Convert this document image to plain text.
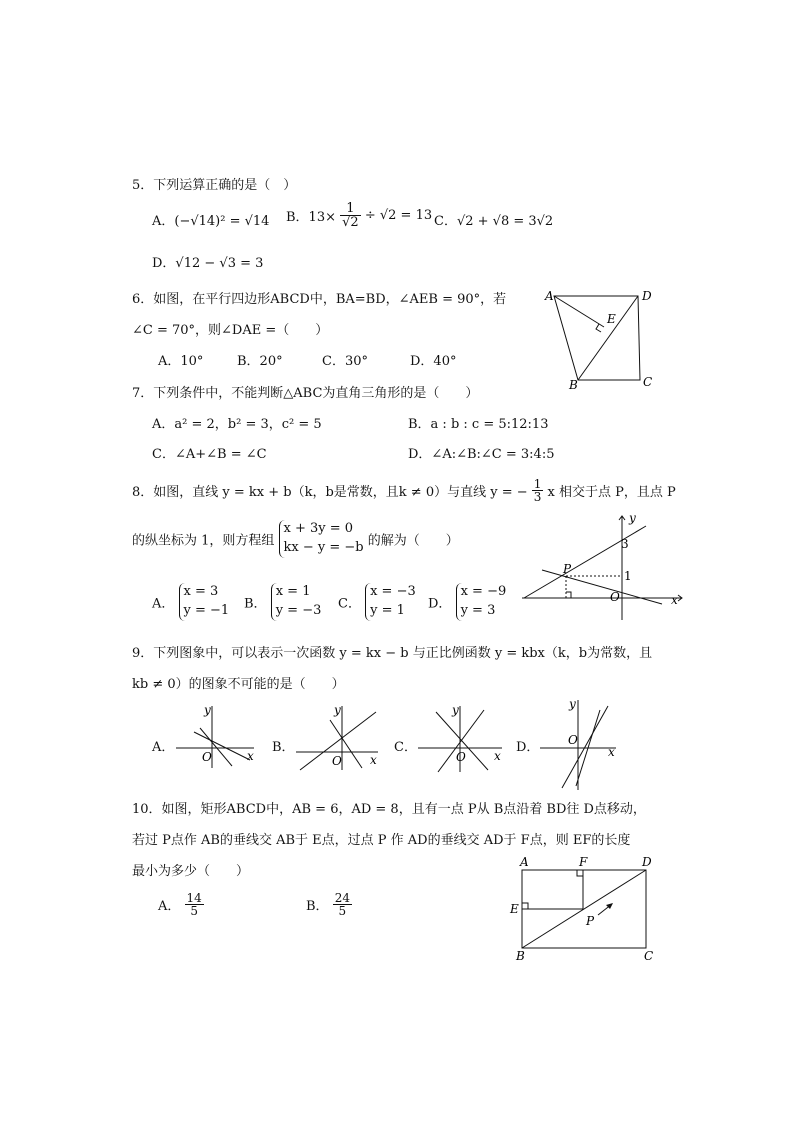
5．下列运算正确的是（　）
A．(−√14)² = √14 B．$13\times \frac{1}{√2} \div √2 = 13$ C．√2 + √8 = 3√2
D．√12 − √3 = 3
6．如图，在平行四边形ABCD中，BA=BD，∠AEB = 90°，若
∠C = 70°，则∠DAE =（　　）
A．10°	B．20°	C．30°	D．40°
A	D
E
B	C
7．下列条件中，不能判断△ABC为直角三角形的是（　　）
A．a² = 2，b² = 3，c² = 5	B．a : b : c = 5:12:13
C．∠A+∠B = ∠C	D．∠A:∠B:∠C = 3:4:5
8．如图，直线 y = kx + b（k，b是常数，且k ≠ 0）与直线 y = − $\frac{1}{3}$ x 相交于点 P，且点 P
的纵坐标为 1，则方程组
x + 3y = 0
kx − y = −b 的解为（　　）
A．
x = 3
y = −1 B．
x = 1
y = −3 C．
x = −3
y = 1	D．
x = −9
y = 3
y
x
3
1
P
O
9．下列图象中，可以表示一次函数 y = kx − b 与正比例函数 y = kbx（k，b为常数，且
kb ≠ 0）的图象不可能的是（　　）
A．
y
x
O
B．
y
x
O
C．
y
x
O
D．
y
x
O
10．如图，矩形ABCD中，AB = 6，AD = 8，且有一点 P从 B点沿着 BD往 D点移动，
若过 P点作 AB的垂线交 AB于 E点，过点 P 作 AD的垂线交 AD于 F点，则 EF的长度
最小为多少（　　）
A． $\frac{14}{5}$	B． $\frac{24}{5}$
A	F	D
E
P
B	C
